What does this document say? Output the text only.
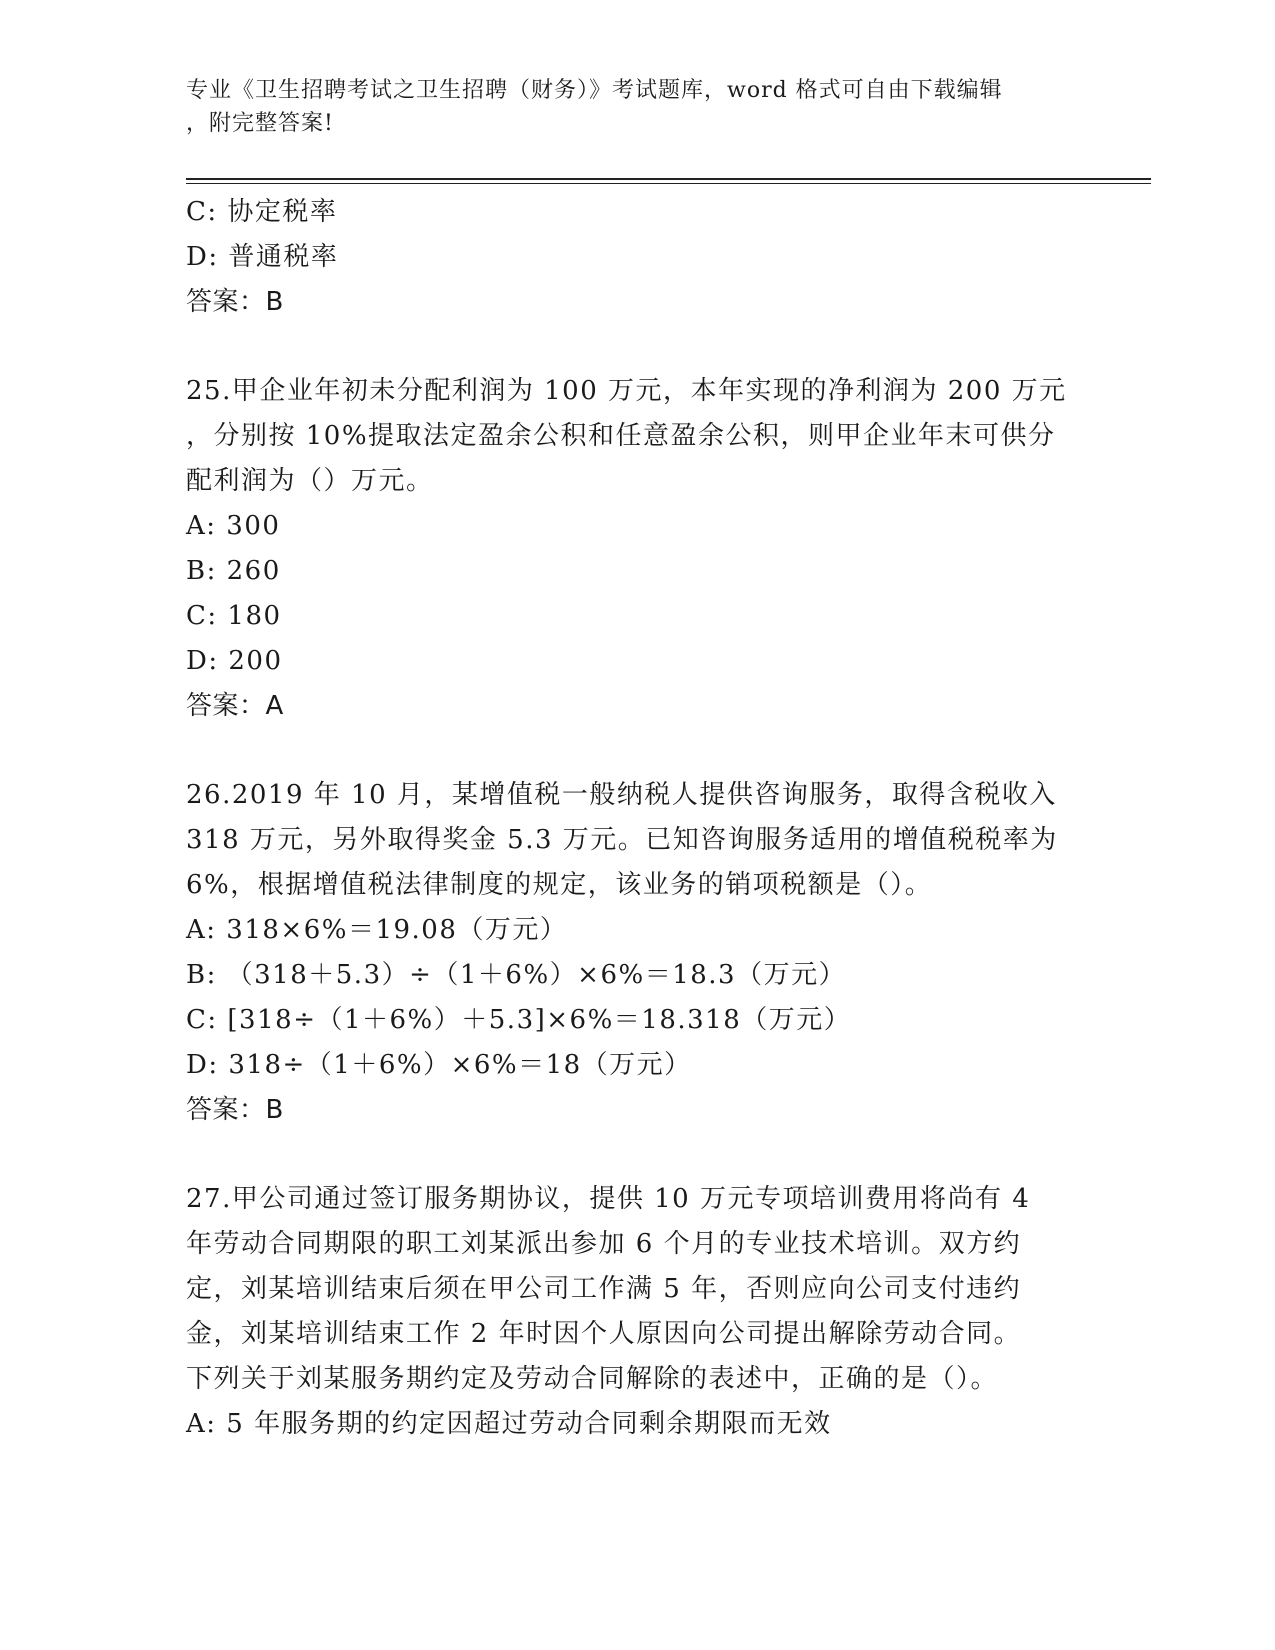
专业《卫生招聘考试之卫生招聘（财务）》考试题库，word 格式可自由下载编辑
，附完整答案!
C: 协定税率
D: 普通税率
答案：B
25.甲企业年初未分配利润为 100 万元，本年实现的净利润为 200 万元
，分别按 10%提取法定盈余公积和任意盈余公积，则甲企业年末可供分
配利润为（）万元。
A: 300
B: 260
C: 180
D: 200
答案：A
26.2019 年 10 月，某增值税一般纳税人提供咨询服务，取得含税收入
318 万元，另外取得奖金 5.3 万元。已知咨询服务适用的增值税税率为
6%，根据增值税法律制度的规定，该业务的销项税额是（）。
A: 318×6%＝19.08（万元）
B: （318＋5.3）÷（1＋6%）×6%＝18.3（万元）
C: [318÷（1＋6%）＋5.3]×6%＝18.318（万元）
D: 318÷（1＋6%）×6%＝18（万元）
答案：B
27.甲公司通过签订服务期协议，提供 10 万元专项培训费用将尚有 4
年劳动合同期限的职工刘某派出参加 6 个月的专业技术培训。双方约
定，刘某培训结束后须在甲公司工作满 5 年，否则应向公司支付违约
金，刘某培训结束工作 2 年时因个人原因向公司提出解除劳动合同。
下列关于刘某服务期约定及劳动合同解除的表述中，正确的是（）。
A: 5 年服务期的约定因超过劳动合同剩余期限而无效
